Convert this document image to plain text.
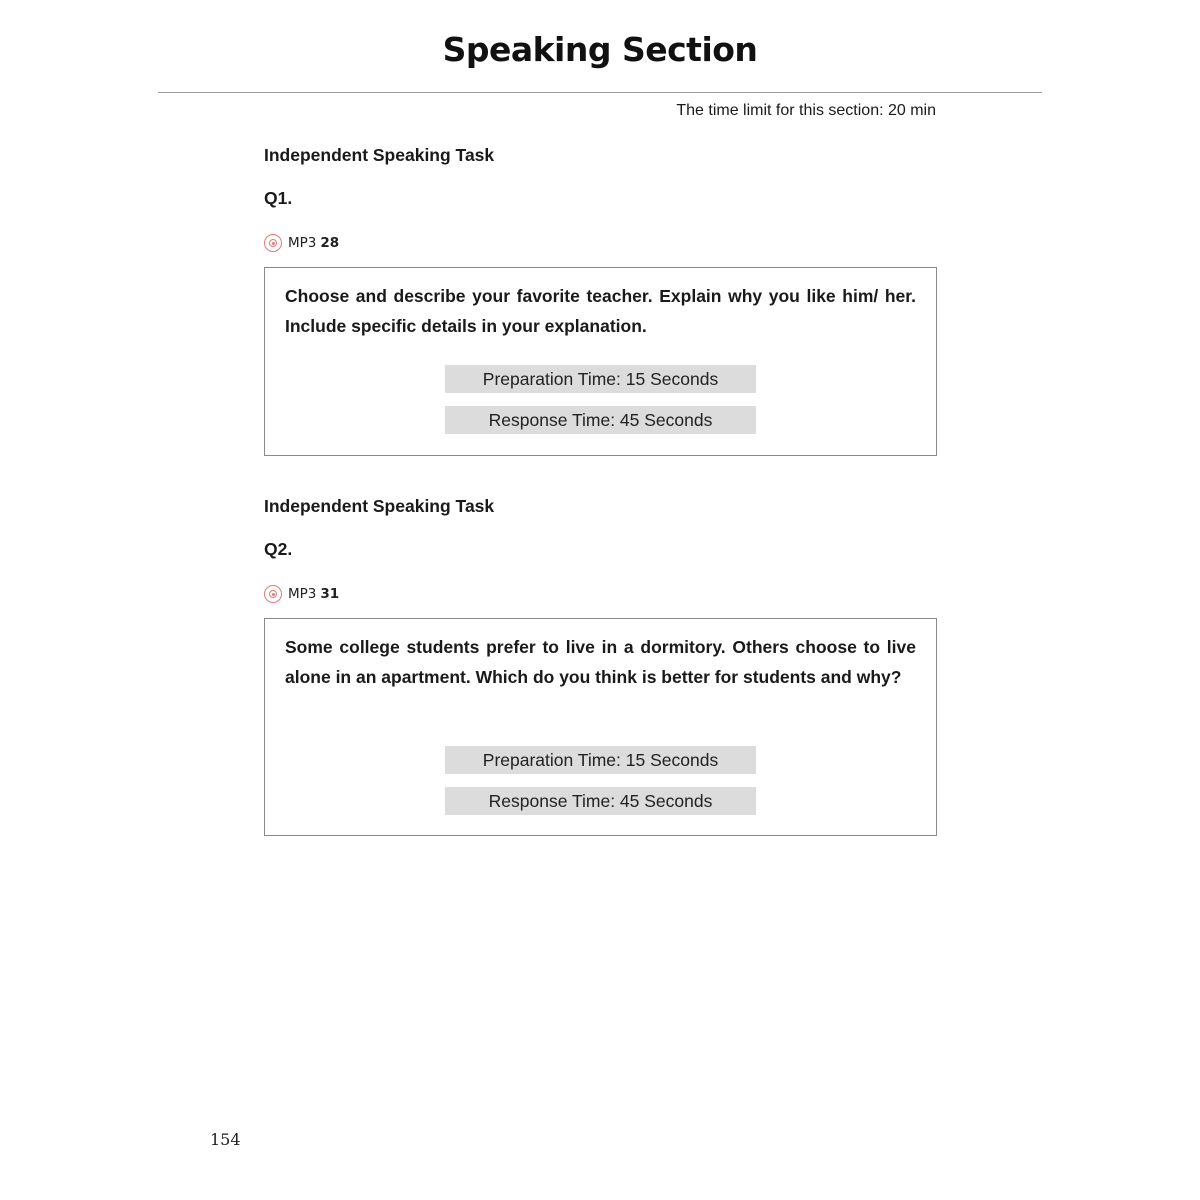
Speaking Section
The time limit for this section: 20 min
Independent Speaking Task
Q1.
MP3 28
Choose and describe your favorite teacher. Explain why you like him/ her. Include specific details in your explanation.
Preparation Time: 15 Seconds
Response Time: 45 Seconds
Independent Speaking Task
Q2.
MP3 31
Some college students prefer to live in a dormitory. Others choose to live alone in an apartment. Which do you think is better for students and why?
Preparation Time: 15 Seconds
Response Time: 45 Seconds
154
